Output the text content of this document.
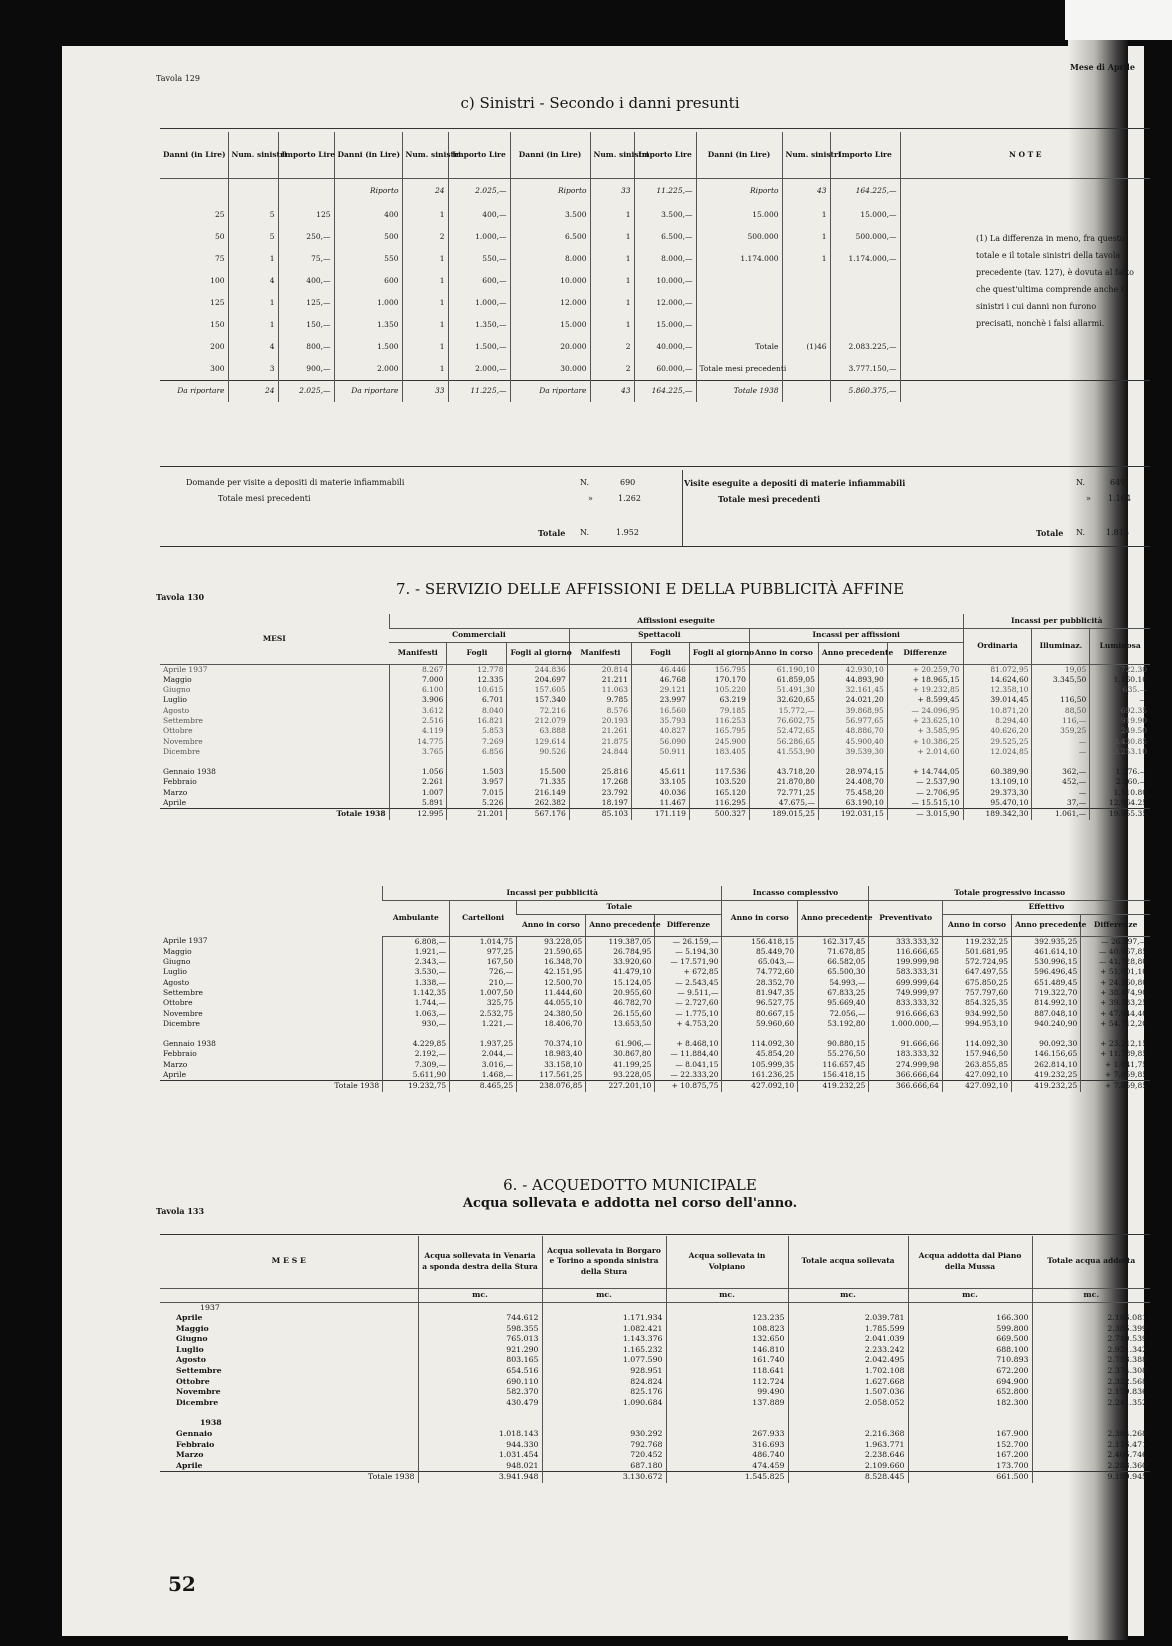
Tavola 129
Mese di Aprile
c) Sinistri - Secondo i danni presunti
Danni (in Lire)	Num. sinistri	Importo Lire	Danni (in Lire)	Num. sinistri	Importo Lire	Danni (in Lire)	Num. sinistri	Importo Lire	Danni (in Lire)	Num. sinistri	Importo Lire	N O T E
			Riporto	24	2.025,—	Riporto	33	11.225,—	Riporto	43	164.225,—	
25	5	125	400	1	400,—	3.500	1	3.500,—	15.000	1	15.000,—	
50	5	250,—	500	2	1.000,—	6.500	1	6.500,—	500.000	1	500.000,—	
75	1	75,—	550	1	550,—	8.000	1	8.000,—	1.174.000	1	1.174.000,—	
100	4	400,—	600	1	600,—	10.000	1	10.000,—				
125	1	125,—	1.000	1	1.000,—	12.000	1	12.000,—				
150	1	150,—	1.350	1	1.350,—	15.000	1	15.000,—				
200	4	800,—	1.500	1	1.500,—	20.000	2	40.000,—	Totale	(1)46	2.083.225,—	
300	3	900,—	2.000	1	2.000,—	30.000	2	60.000,—	Totale mesi precedenti		3.777.150,—	
Da riportare	24	2.025,—	Da riportare	33	11.225,—	Da riportare	43	164.225,—	Totale 1938		5.860.375,—	
(1) La differenza in meno, fra questo totale e il totale sinistri della tavola precedente (tav. 127), è dovuta al fatto che quest'ultima comprende anche i sinistri i cui danni non furono precisati, nonchè i falsi allarmi.
Domande per visite a depositi di materie infiammabili	N.	690
Totale mesi precedenti	»	1.262
Totale N.	1.952
Visite eseguite a depositi di materie infiammabili	N.	649
Totale mesi precedenti	» 1.164
Totale N.	1.813
Tavola 130	7. - SERVIZIO DELLE AFFISSIONI E DELLA PUBBLICITÀ AFFINE
MESI	Affissioni eseguite									Incassi per pubblicità		
	Commerciali			Spettacoli			Incassi per affissioni			Ordinaria	Illuminaz.	Luminosa
	Manifesti	Fogli	Fogli al giorno	Manifesti	Fogli	Fogli al giorno	Anno in corso	Anno precedente	Differenze			
Aprile 1937	8.267	12.778	244.836	20.814	46.446	156.795	61.190,10	42.930,10	+ 20.259,70	81.072,95	19,05	722.30
Maggio	7.000	12.335	204.697	21.211	46.768	170.170	61.859,05	44.893,90	+ 18.965,15	14.624,60	3.345,50	1.160.10
Giugno	6.100	10.615	157.605	11.063	29.121	105.220	51.491,30	32.161,45	+ 19.232,85	12.358,10		635.—
Luglio	3.906	6.701	157.340	9.785	23.997	63.219	32.620,65	24.021,20	+ 8.599,45	39.014,45	116,50	—
Agosto	3.612	8.040	72.216	8.576	16.560	79.185	15.772,—	39.868,95	— 24.096,95	10.871,20	88,50	692.35
Settembre	2.516	16.821	212.079	20.193	35.793	116.253	76.602,75	56.977,65	+ 23.625,10	8.294,40	116,—	919.90
Ottobre	4.119	5.853	63.888	21.261	40.827	165.795	52.472,65	48.886,70	+ 3.585,95	40.626,20	359,25	249.50
Novembre	14.775	7.269	129.614	21.875	56.090	245.900	56.286,65	45.900,40	+ 10.386,25	29.525,25	—	3.430.85
Dicembre	3.765	6.856	90.526	24.844	50.911	183.405	41.553,90	39.539,30	+ 2.014,60	12.024,85	—	3.253.10

Gennaio 1938	1.056	1.503	15.500	25.816	45.611	117.536	43.718,20	28.974,15	+ 14.744,05	60.389,90	362,—	1.276.—
Febbraio	2.261	3.957	71.335	17.268	33.105	103.520	21.870,80	24.408,70	— 2.537,90	13.109,10	452,—	2.160.—
Marzo	1.007	7.015	216.149	23.792	40.036	165.120	72.771,25	75.458,20	— 2.706,95	29.373,30	—	1.110.80
Aprile	5.891	5.226	262.382	18.197	11.467	116.295	47.675,—	63.190,10	— 15.515,10	95.470,10	37,—	12.964.25
Totale 1938	12.995	21.201	567.176	85.103	171.119	500.327	189.015,25	192.031,15	— 3.015,90	189.342,30	1.061,—	19.955.35
	Incassi per pubblicità					Incasso complessivo		Totale progressivo incasso			
	Ambulante	Cartelloni	Totale			Anno in corso	Anno precedente	Preventivato	Effettivo		
			Anno in corso	Anno precedente	Differenze				Anno in corso	Anno precedente	Differenze
Aprile 1937	6.808,—	1.014,75	93.228,05	119.387,05	— 26.159,—	156.418,15	162.317,45	333.333,32	119.232,25	392.935,25	— 26.297,—
Maggio	1.921,—	977,25	21.590,65	26.784,95	— 5.194,30	85.449,70	71.678,85	116.666,65	501.681,95	461.614,10	— 40.067,85
Giugno	2.343,—	167,50	16.348,70	33.920,60	— 17.571,90	65.043,—	66.582,05	199.999,98	572.724,95	530.996,15	— 41.728,80
Luglio	3.530,—	726,—	42.151,95	41.479,10	+ 672,85	74.772,60	65.500,30	583.333,31	647.497,55	596.496,45	+ 51.001,10
Agosto	1.338,—	210,—	12.500,70	15.124,05	— 2.543,45	28.352,70	54.993,—	699.999,64	675.850,25	651.489,45	+ 24.360,80
Settembre	1.142,35	1.007,50	11.444,60	20.955,60	— 9.511,—	81.947,35	67.833,25	749.999,97	757.797,60	719.322,70	+ 38.474,90
Ottobre	1.744,—	325,75	44.055,10	46.782,70	— 2.727,60	96.527,75	95.669,40	833.333,32	854.325,35	814.992,10	+ 39.333,25
Novembre	1.063,—	2.532,75	24.380,50	26.155,60	— 1.775,10	80.667,15	72.056,—	916.666,63	934.992,50	887.048,10	+ 47.944,40
Dicembre	930,—	1.221,—	18.406,70	13.653,50	+ 4.753,20	59.960,60	53.192,80	1.000.000,—	994.953,10	940.240,90	+ 54.712,20

Gennaio 1938	4.229,85	1.937,25	70.374,10	61.906,—	+ 8.468,10	114.092,30	90.880,15	91.666,66	114.092,30	90.092,30	+ 23.212,15
Febbraio	2.192,—	2.044,—	18.983,40	30.867,80	— 11.884,40	45.854,20	55.276,50	183.333,32	157.946,50	146.156,65	+ 11.789,85
Marzo	7.309,—	3.016,—	33.158,10	41.199,25	— 8.041,15	105.999,35	116.657,45	274.999,98	263.855,85	262.814,10	+ 1.041,75
Aprile	5.611,90	1.468,—	117.561,25	93.228,05	— 22.333,20	161.236,25	156.418,15	366.666,64	427.092,10	419.232,25	+ 7.859,85
Totale 1938	19.232,75	8.465,25	238.076,85	227.201,10	+ 10.875,75	427.092,10	419.232,25	366.666,64	427.092,10	419.232,25	+ 7.859,85
Tavola 133
6. - ACQUEDOTTO MUNICIPALE
Acqua sollevata e addotta nel corso dell'anno.
M E S E	Acqua sollevata in Venaria a sponda destra della Stura	Acqua sollevata in Borgaro e Torino a sponda sinistra della Stura	Acqua sollevata in Volpiano	Totale acqua sollevata	Acqua addotta dal Piano della Mussa	Totale acqua addotta
	mc.	mc.	mc.	mc.	mc.	mc.
1937						
Aprile	744.612	1.171.934	123.235	2.039.781	166.300	2.186.081
Maggio	598.355	1.082.421	108.823	1.785.599	599.800	2.385.399
Giugno	765.013	1.143.376	132.650	2.041.039	669.500	2.710.539
Luglio	921.290	1.165.232	146.810	2.233.242	688.100	2.921.342
Agosto	803.165	1.077.590	161.740	2.042.495	710.893	2.753.388
Settembre	654.516	928.951	118.641	1.702.108	672.200	2.374.308
Ottobre	690.110	824.824	112.724	1.627.668	694.900	2.322.568
Novembre	582.370	825.176	99.490	1.507.036	652.800	2.159.836
Dicembre	430.479	1.090.684	137.889	2.058.052	182.300	2.241.352

1938						
Gennaio	1.018.143	930.292	267.933	2.216.368	167.900	2.384.268
Febbraio	944.330	792.768	316.693	1.963.771	152.700	2.116.471
Marzo	1.031.454	720.452	486.740	2.238.646	167.200	2.405.746
Aprile	948.021	687.180	474.459	2.109.660	173.700	2.283.360
Totale 1938	3.941.948	3.130.672	1.545.825	8.528.445	661.500	9.189.945
52
